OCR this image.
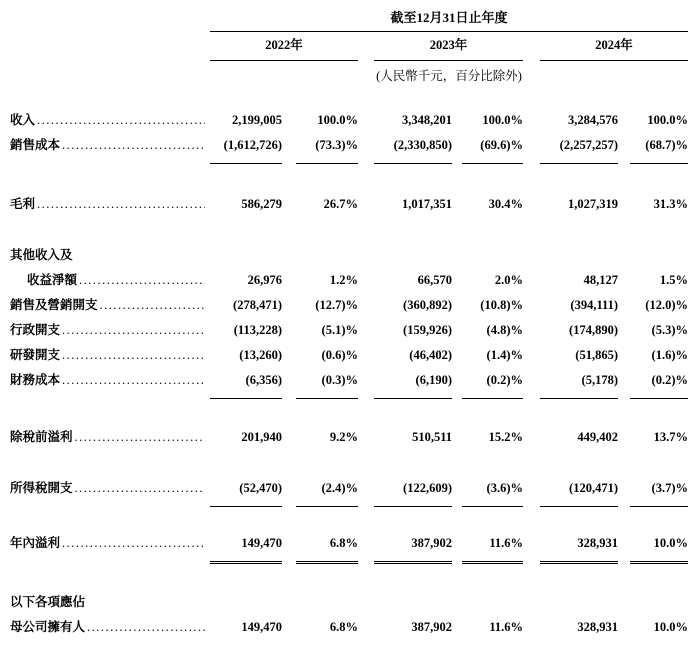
截至12月31日止年度
2022年	2023年	2024年
(人民幣千元，百分比除外)
收入 .....	2,199,005	100.0%	3,348,201	100.0%	3,284,576	100.0%
銷售成本 .....	(1,612,726)	(73.3)%	(2,330,850)	(69.6)%	(2,257,257)	(68.7)%
毛利 .....	586,279	26.7%	1,017,351	30.4%	1,027,319	31.3%
其他收入及
收益淨額 .....	26,976	1.2%	66,570	2.0%	48,127	1.5%
銷售及營銷開支 .....	(278,471)	(12.7)%	(360,892)	(10.8)%	(394,111)	(12.0)%
行政開支 .....	(113,228)	(5.1)%	(159,926)	(4.8)%	(174,890)	(5.3)%
研發開支 .....	(13,260)	(0.6)%	(46,402)	(1.4)%	(51,865)	(1.6)%
財務成本 .....	(6,356)	(0.3)%	(6,190)	(0.2)%	(5,178)	(0.2)%
除稅前溢利 .....	201,940	9.2%	510,511	15.2%	449,402	13.7%
所得稅開支 .....	(52,470)	(2.4)%	(122,609)	(3.6)%	(120,471)	(3.7)%
年內溢利 .....	149,470	6.8%	387,902	11.6%	328,931	10.0%
以下各項應佔
母公司擁有人 .....	149,470	6.8%	387,902	11.6%	328,931	10.0%
